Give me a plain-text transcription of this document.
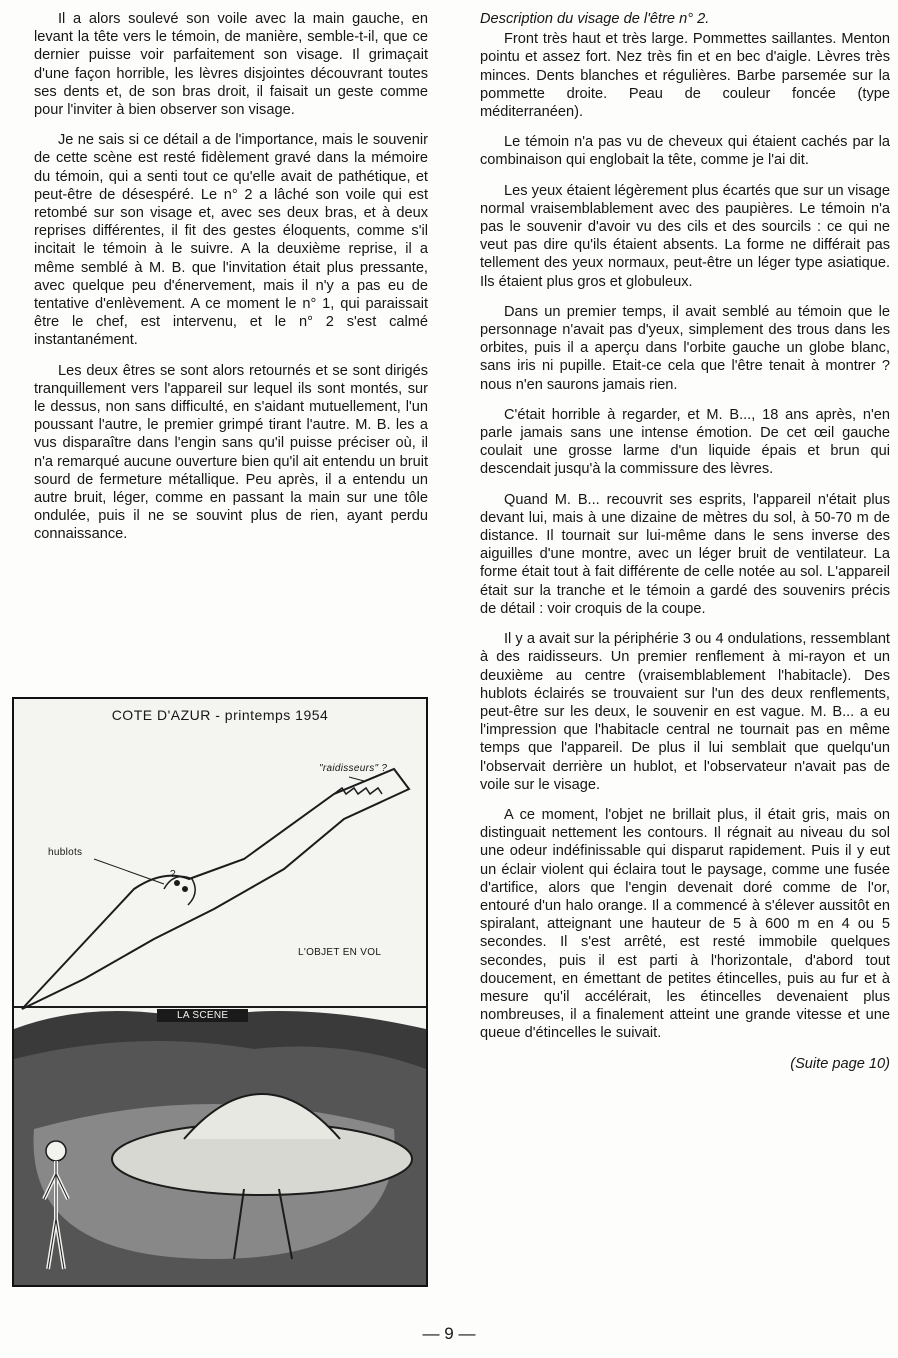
Il a alors soulevé son voile avec la main gauche, en levant la tête vers le témoin, de manière, semble-t-il, que ce dernier puisse voir parfaitement son visage. Il grimaçait d'une façon horrible, les lèvres disjointes découvrant toutes ses dents et, de son bras droit, il faisait un geste comme pour l'inviter à bien observer son visage.

Je ne sais si ce détail a de l'importance, mais le souvenir de cette scène est resté fidèlement gravé dans la mémoire du témoin, qui a senti tout ce qu'elle avait de pathétique, et peut-être de désespéré. Le n° 2 a lâché son voile qui est retombé sur son visage et, avec ses deux bras, et à deux reprises différentes, il fit des gestes éloquents, comme s'il incitait le témoin à le suivre. A la deuxième reprise, il a même semblé à M. B. que l'invitation était plus pressante, avec quelque peu d'énervement, mais il n'y a pas eu de tentative d'enlèvement. A ce moment le n° 1, qui paraissait être le chef, est intervenu, et le n° 2 s'est calmé instantanément.

Les deux êtres se sont alors retournés et se sont dirigés tranquillement vers l'appareil sur lequel ils sont montés, sur le dessus, non sans difficulté, en s'aidant mutuellement, l'un poussant l'autre, le premier grimpé tirant l'autre. M. B. les a vus disparaître dans l'engin sans qu'il puisse préciser où, il n'a remarqué aucune ouverture bien qu'il ait entendu un bruit sourd de fermeture métallique. Peu après, il a entendu un autre bruit, léger, comme en passant la main sur une tôle ondulée, puis il ne se souvint plus de rien, ayant perdu connaissance.

COTE D'AZUR - printemps 1954
"raidisseurs" ?
hublots
?
L'OBJET EN VOL
LA SCENE

Description du visage de l'être n° 2.

Front très haut et très large. Pommettes saillantes. Menton pointu et assez fort. Nez très fin et en bec d'aigle. Lèvres très minces. Dents blanches et régulières. Barbe parsemée sur la pommette droite. Peau de couleur foncée (type méditerranéen).

Le témoin n'a pas vu de cheveux qui étaient cachés par la combinaison qui englobait la tête, comme je l'ai dit.

Les yeux étaient légèrement plus écartés que sur un visage normal vraisemblablement avec des paupières. Le témoin n'a pas le souvenir d'avoir vu des cils et des sourcils : ce qui ne veut pas dire qu'ils étaient absents. La forme ne différait pas tellement des yeux normaux, peut-être un léger type asiatique. Ils étaient plus gros et globuleux.

Dans un premier temps, il avait semblé au témoin que le personnage n'avait pas d'yeux, simplement des trous dans les orbites, puis il a aperçu dans l'orbite gauche un globe blanc, sans iris ni pupille. Etait-ce cela que l'être tenait à montrer ? nous n'en saurons jamais rien.

C'était horrible à regarder, et M. B..., 18 ans après, n'en parle jamais sans une intense émotion. De cet œil gauche coulait une grosse larme d'un liquide épais et brun qui descendait jusqu'à la commissure des lèvres.

Quand M. B... recouvrit ses esprits, l'appareil n'était plus devant lui, mais à une dizaine de mètres du sol, à 50-70 m de distance. Il tournait sur lui-même dans le sens inverse des aiguilles d'une montre, avec un léger bruit de ventilateur. La forme était tout à fait différente de celle notée au sol. L'appareil était sur la tranche et le témoin a gardé des souvenirs précis de détail : voir croquis de la coupe.

Il y a avait sur la périphérie 3 ou 4 ondulations, ressemblant à des raidisseurs. Un premier renflement à mi-rayon et un deuxième au centre (vraisemblablement l'habitacle). Des hublots éclairés se trouvaient sur l'un des deux renflements, peut-être sur les deux, le souvenir en est vague. M. B... a eu l'impression que l'habitacle central ne tournait pas en même temps que l'appareil. De plus il lui semblait que quelqu'un l'observait derrière un hublot, et l'observateur n'avait pas de voile sur le visage.

A ce moment, l'objet ne brillait plus, il était gris, mais on distinguait nettement les contours. Il régnait au niveau du sol une odeur indéfinissable qui disparut rapidement. Puis il y eut un éclair violent qui éclaira tout le paysage, comme une fusée d'artifice, alors que l'engin devenait doré comme de l'or, entouré d'un halo orange. Il a commencé à s'élever aussitôt en spiralant, atteignant une hauteur de 5 à 600 m en 4 ou 5 secondes. Il s'est arrêté, est resté immobile quelques secondes, puis il est parti à l'horizontale, d'abord tout doucement, en émettant de petites étincelles, puis au fur et à mesure qu'il accélérait, les étincelles devenaient plus nombreuses, il a finalement atteint une grande vitesse et une queue d'étincelles le suivait.

(Suite page 10)

— 9 —
